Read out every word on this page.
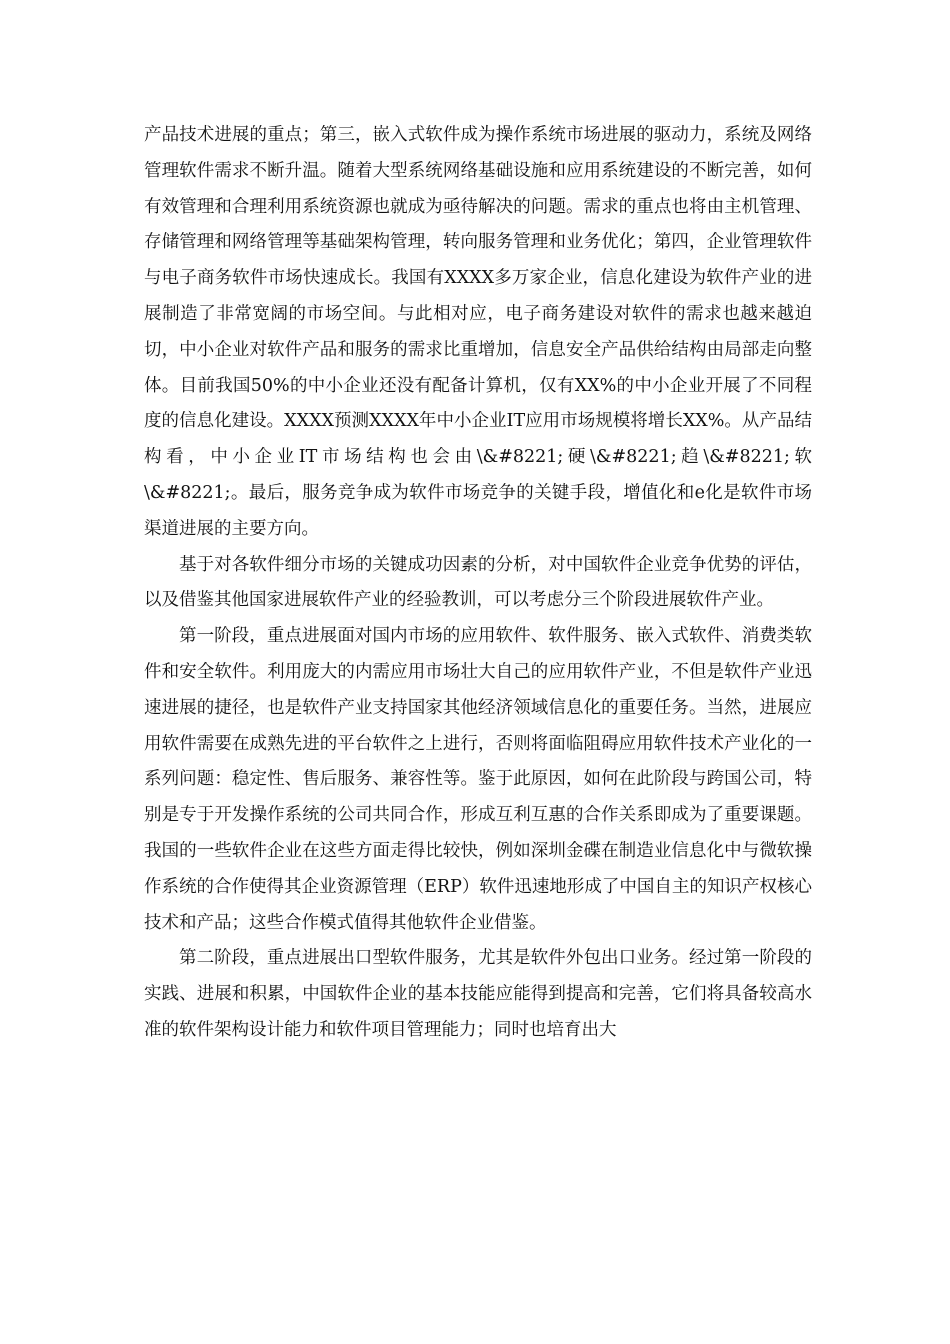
产品技术进展的重点；第三，嵌入式软件成为操作系统市场进展的驱动力，系统及网络管理软件需求不断升温。随着大型系统网络基础设施和应用系统建设的不断完善，如何有效管理和合理利用系统资源也就成为亟待解决的问题。需求的重点也将由主机管理、存储管理和网络管理等基础架构管理，转向服务管理和业务优化；第四，企业管理软件与电子商务软件市场快速成长。我国有XXXX多万家企业，信息化建设为软件产业的进展制造了非常宽阔的市场空间。与此相对应，电子商务建设对软件的需求也越来越迫切，中小企业对软件产品和服务的需求比重增加，信息安全产品供给结构由局部走向整体。目前我国50%的中小企业还没有配备计算机，仅有XX%的中小企业开展了不同程度的信息化建设。XXXX预测XXXX年中小企业IT应用市场规模将增长XX%。从产品结构看，中小企业IT市场结构也会由\&#8221;硬\&#8221;趋\&#8221;软\&#8221;。最后，服务竞争成为软件市场竞争的关键手段，增值化和e化是软件市场渠道进展的主要方向。

基于对各软件细分市场的关键成功因素的分析，对中国软件企业竞争优势的评估，以及借鉴其他国家进展软件产业的经验教训，可以考虑分三个阶段进展软件产业。

第一阶段，重点进展面对国内市场的应用软件、软件服务、嵌入式软件、消费类软件和安全软件。利用庞大的内需应用市场壮大自己的应用软件产业，不但是软件产业迅速进展的捷径，也是软件产业支持国家其他经济领域信息化的重要任务。当然，进展应用软件需要在成熟先进的平台软件之上进行，否则将面临阻碍应用软件技术产业化的一系列问题：稳定性、售后服务、兼容性等。鉴于此原因，如何在此阶段与跨国公司，特别是专于开发操作系统的公司共同合作，形成互利互惠的合作关系即成为了重要课题。我国的一些软件企业在这些方面走得比较快，例如深圳金碟在制造业信息化中与微软操作系统的合作使得其企业资源管理（ERP）软件迅速地形成了中国自主的知识产权核心技术和产品；这些合作模式值得其他软件企业借鉴。

第二阶段，重点进展出口型软件服务，尤其是软件外包出口业务。经过第一阶段的实践、进展和积累，中国软件企业的基本技能应能得到提高和完善，它们将具备较高水准的软件架构设计能力和软件项目管理能力；同时也培育出大
